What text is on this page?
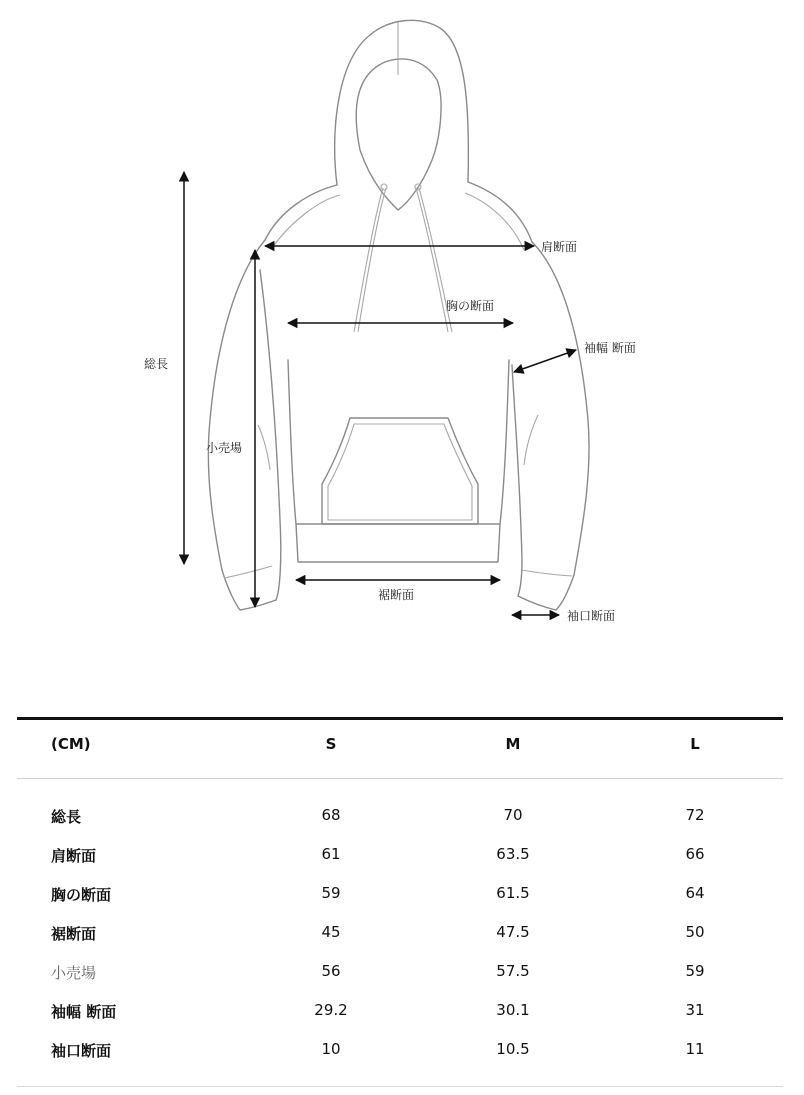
総長
肩断面
胸の断面
袖幅 断面
小売場
裾断面
袖口断面
(CM)	S	M	L
総長	68	70	72
肩断面	61	63.5	66
胸の断面	59	61.5	64
裾断面	45	47.5	50
小売場	56	57.5	59
袖幅 断面	29.2	30.1	31
袖口断面	10	10.5	11
